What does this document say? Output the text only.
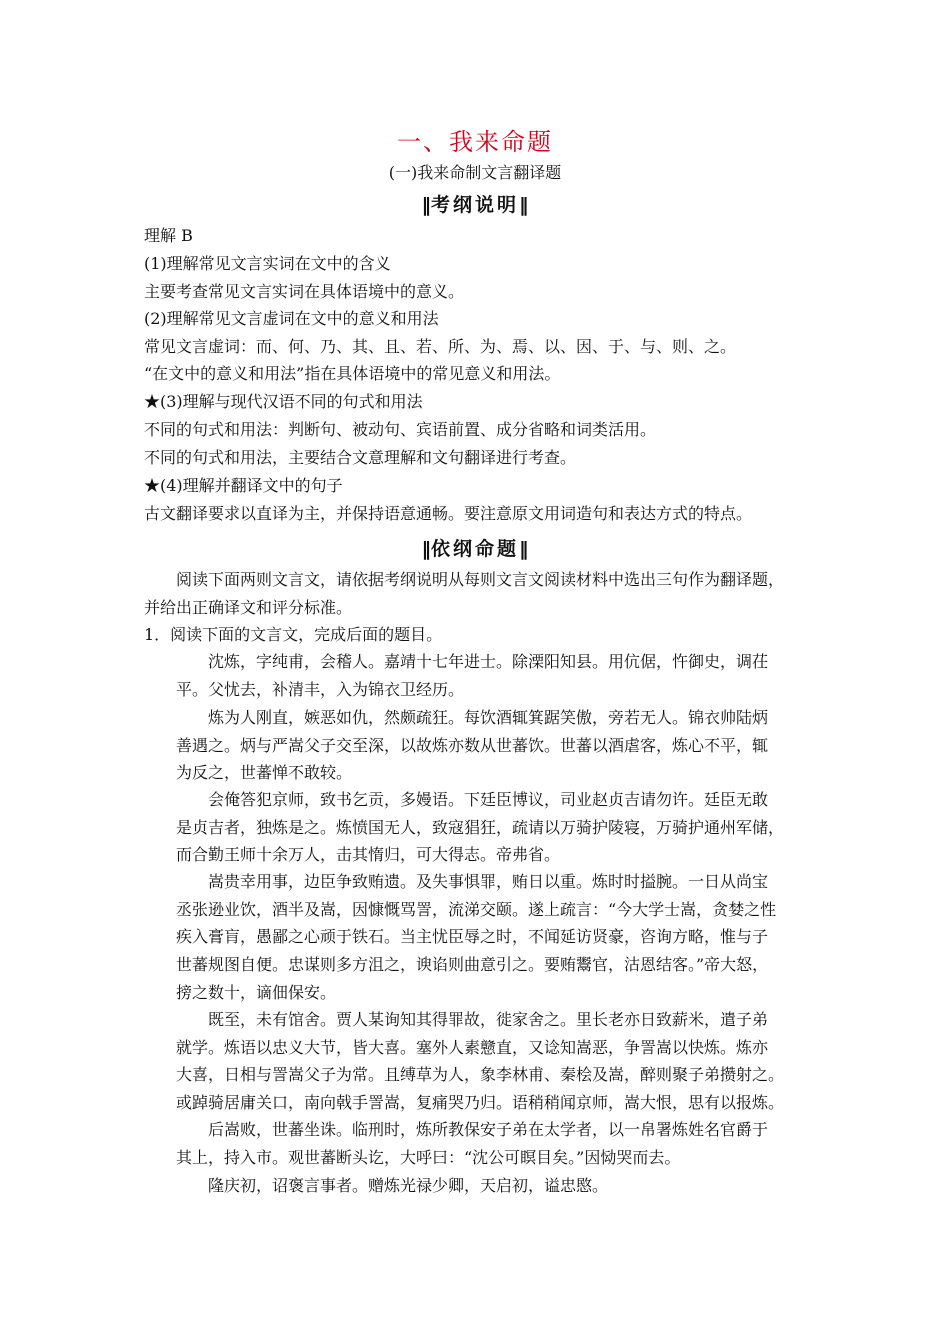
一、我来命题
(一)我来命制文言翻译题
‖考纲说明‖
理解 B
(1)理解常见文言实词在文中的含义
主要考查常见文言实词在具体语境中的意义。
(2)理解常见文言虚词在文中的意义和用法
常见文言虚词：而、何、乃、其、且、若、所、为、焉、以、因、于、与、则、之。
“在文中的意义和用法”指在具体语境中的常见意义和用法。
★(3)理解与现代汉语不同的句式和用法
不同的句式和用法：判断句、被动句、宾语前置、成分省略和词类活用。
不同的句式和用法，主要结合文意理解和文句翻译进行考查。
★(4)理解并翻译文中的句子
古文翻译要求以直译为主，并保持语意通畅。要注意原文用词造句和表达方式的特点。
‖依纲命题‖
阅读下面两则文言文，请依据考纲说明从每则文言文阅读材料中选出三句作为翻译题，
并给出正确译文和评分标准。
1．阅读下面的文言文，完成后面的题目。
沈炼，字纯甫，会稽人。嘉靖十七年进士。除溧阳知县。用伉倨，忤御史，调茌
平。父忧去，补清丰，入为锦衣卫经历。
炼为人刚直，嫉恶如仇，然颇疏狂。每饮酒辄箕踞笑傲，旁若无人。锦衣帅陆炳
善遇之。炳与严嵩父子交至深，以故炼亦数从世蕃饮。世蕃以酒虐客，炼心不平，辄
为反之，世蕃惮不敢较。
会俺答犯京师，致书乞贡，多嫚语。下廷臣博议，司业赵贞吉请勿许。廷臣无敢
是贞吉者，独炼是之。炼愤国无人，致寇猖狂，疏请以万骑护陵寝，万骑护通州军储，
而合勤王师十余万人，击其惰归，可大得志。帝弗省。
嵩贵幸用事，边臣争致贿遗。及失事惧罪，贿日以重。炼时时搤腕。一日从尚宝
丞张逊业饮，酒半及嵩，因慷慨骂詈，流涕交颐。遂上疏言：“今大学士嵩，贪婪之性
疾入膏肓，愚鄙之心顽于铁石。当主忧臣辱之时，不闻延访贤豪，咨询方略，惟与子
世蕃规图自便。忠谋则多方沮之，谀谄则曲意引之。要贿鬻官，沽恩结客。”帝大怒，
搒之数十，谪佃保安。
既至，未有馆舍。贾人某询知其得罪故，徙家舍之。里长老亦日致薪米，遣子弟
就学。炼语以忠义大节，皆大喜。塞外人素戆直，又谂知嵩恶，争詈嵩以快炼。炼亦
大喜，日相与詈嵩父子为常。且缚草为人，象李林甫、秦桧及嵩，醉则聚子弟攒射之。
或踔骑居庸关口，南向戟手詈嵩，复痛哭乃归。语稍稍闻京师，嵩大恨，思有以报炼。
后嵩败，世蕃坐诛。临刑时，炼所教保安子弟在太学者，以一帛署炼姓名官爵于
其上，持入市。观世蕃断头讫，大呼曰：“沈公可瞑目矣。”因恸哭而去。
隆庆初，诏褒言事者。赠炼光禄少卿，天启初，谥忠愍。
